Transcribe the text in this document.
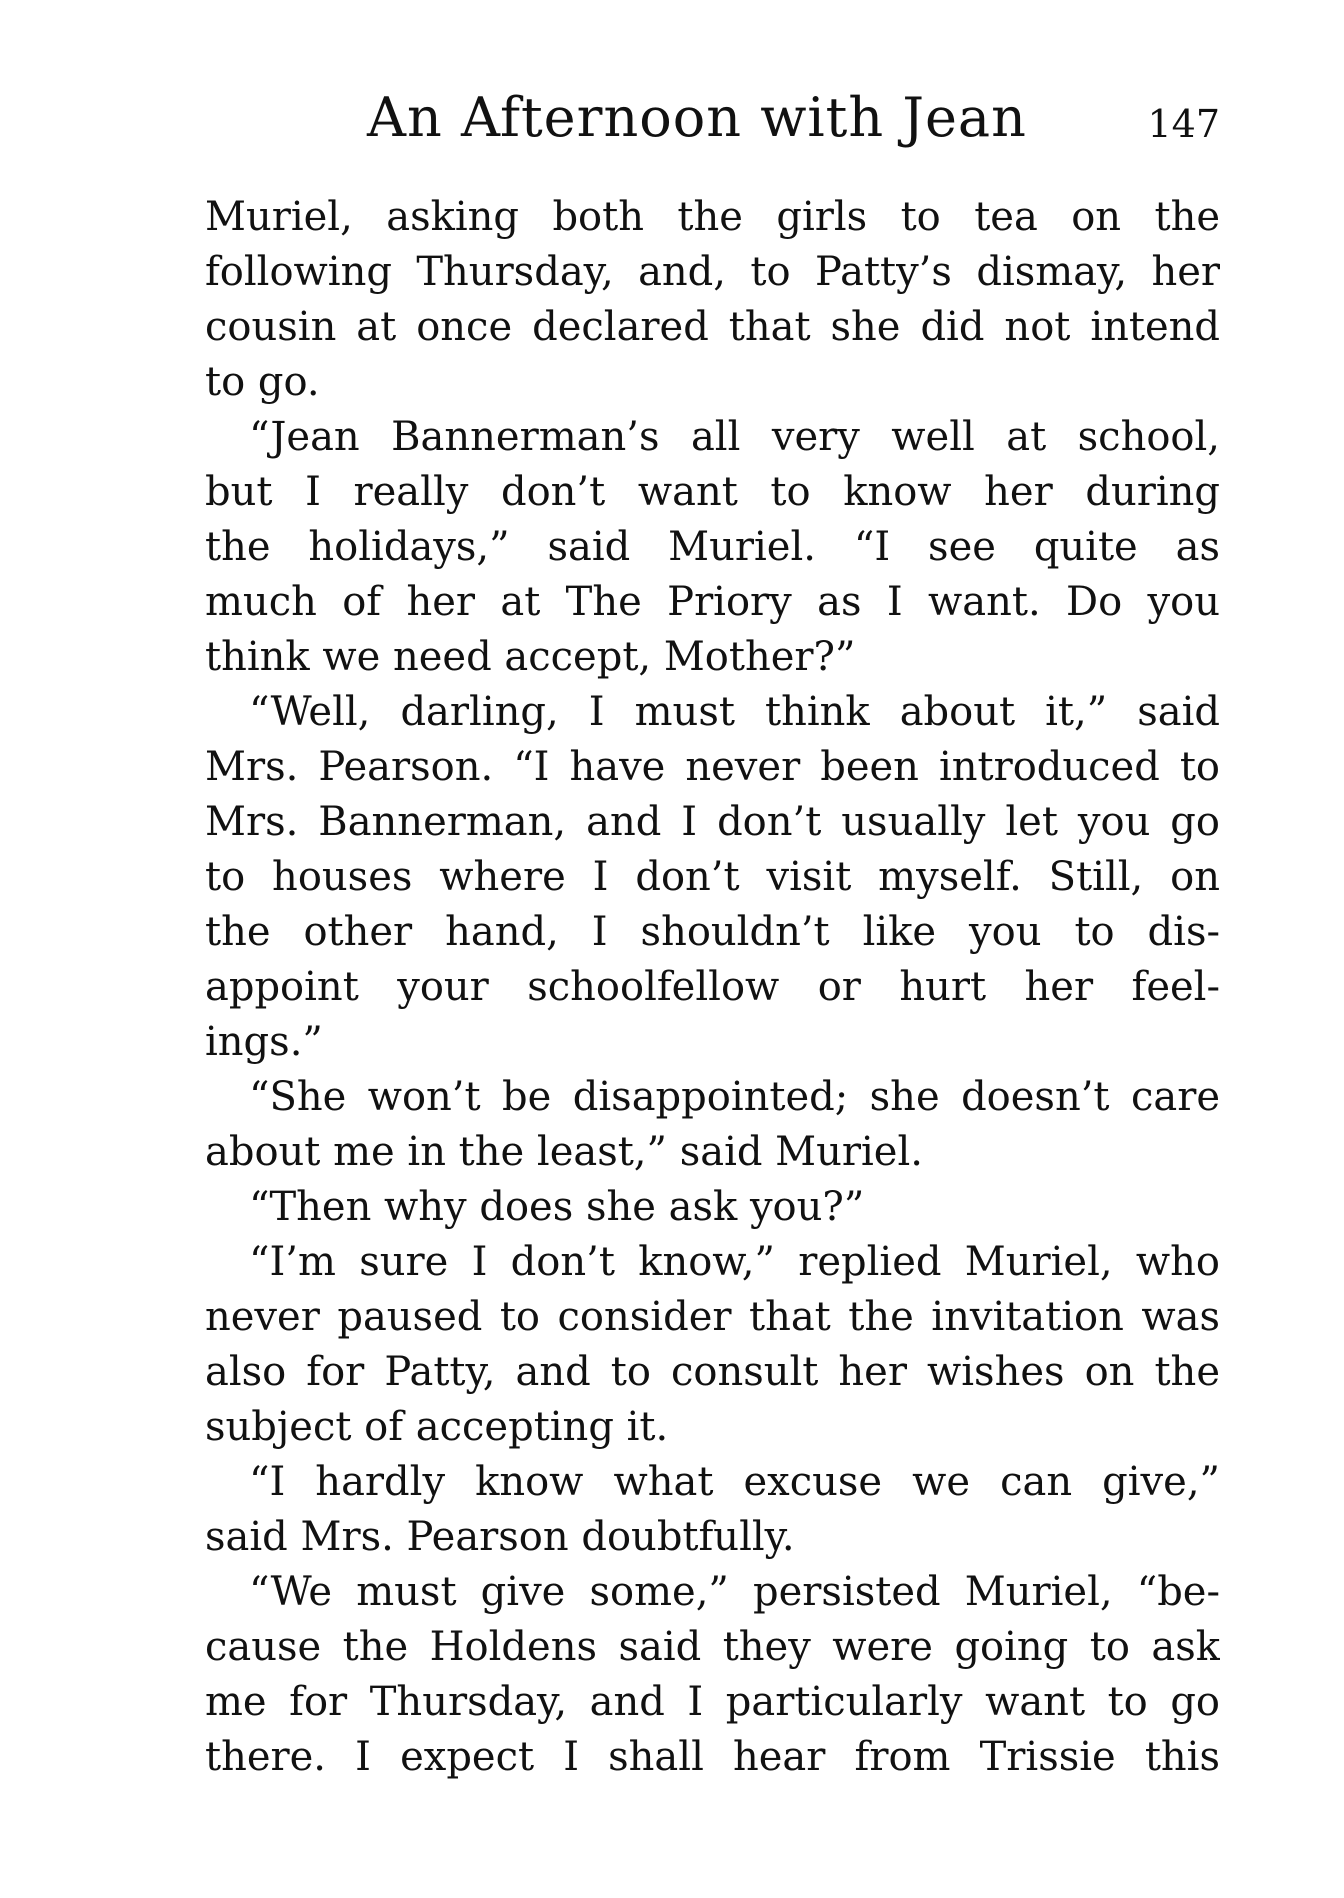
An Afternoon with Jean	147
Muriel, asking both the girls to tea on the
following Thursday, and, to Patty’s dismay, her
cousin at once declared that she did not intend
to go.
“Jean Bannerman’s all very well at school,
but I really don’t want to know her during
the holidays,” said Muriel. “I see quite as
much of her at The Priory as I want. Do you
think we need accept, Mother?”
“Well, darling, I must think about it,” said
Mrs. Pearson. “I have never been introduced to
Mrs. Bannerman, and I don’t usually let you go
to houses where I don’t visit myself. Still, on
the other hand, I shouldn’t like you to dis-
appoint your schoolfellow or hurt her feel-
ings.”
“She won’t be disappointed; she doesn’t care
about me in the least,” said Muriel.
“Then why does she ask you?”
“I’m sure I don’t know,” replied Muriel, who
never paused to consider that the invitation was
also for Patty, and to consult her wishes on the
subject of accepting it.
“I hardly know what excuse we can give,”
said Mrs. Pearson doubtfully.
“We must give some,” persisted Muriel, “be-
cause the Holdens said they were going to ask
me for Thursday, and I particularly want to go
there. I expect I shall hear from Trissie this
